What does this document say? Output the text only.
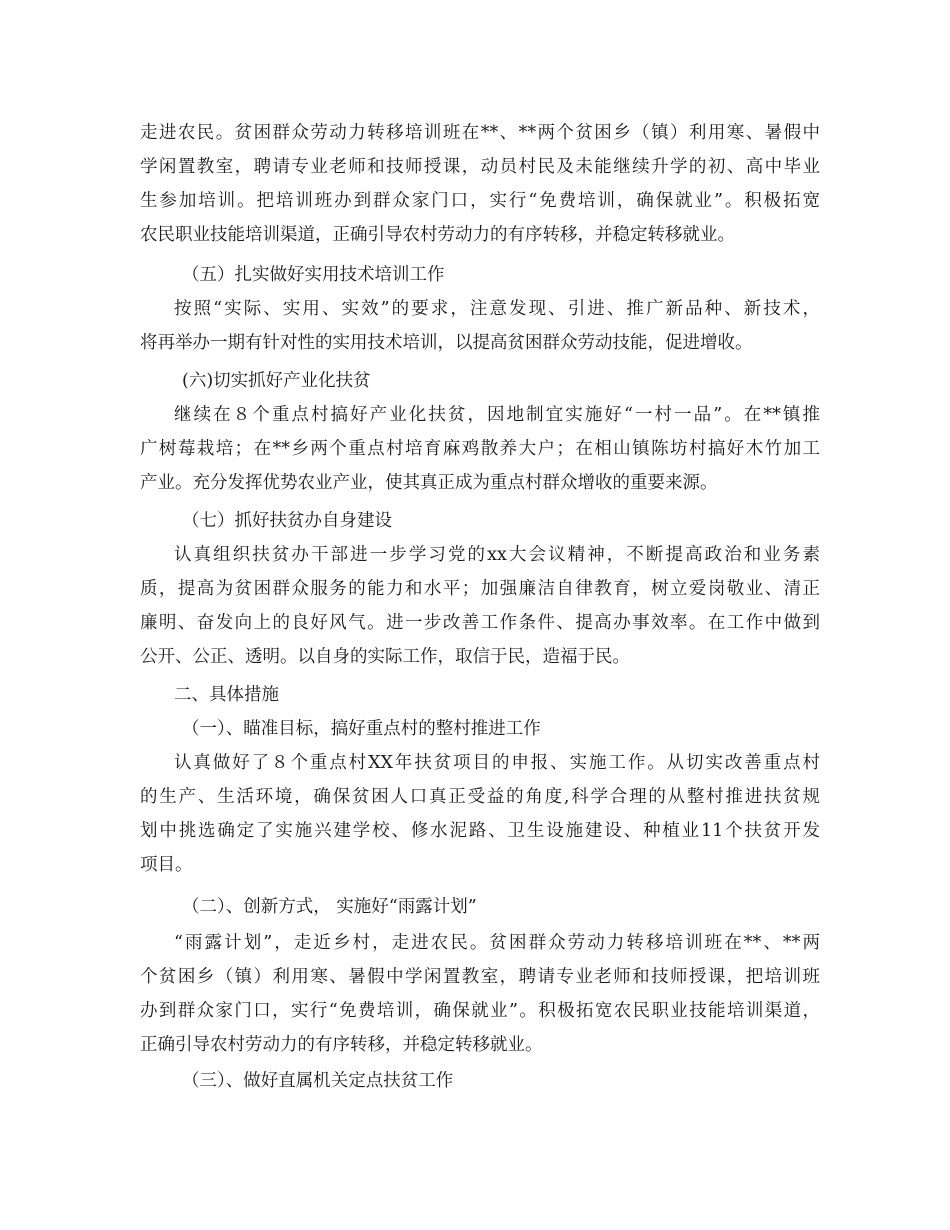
走进农民。贫困群众劳动力转移培训班在**、**两个贫困乡（镇）利用寒、暑假中
学闲置教室，聘请专业老师和技师授课，动员村民及未能继续升学的初、高中毕业
生参加培训。把培训班办到群众家门口，实行“免费培训，确保就业”。积极拓宽
农民职业技能培训渠道，正确引导农村劳动力的有序转移，并稳定转移就业。
（五）扎实做好实用技术培训工作
按照“实际、实用、实效”的要求，注意发现、引进、推广新品种、新技术，
将再举办一期有针对性的实用技术培训，以提高贫困群众劳动技能，促进增收。
(六)切实抓好产业化扶贫
继续在８个重点村搞好产业化扶贫，因地制宜实施好“一村一品”。在**镇推
广树莓栽培；在**乡两个重点村培育麻鸡散养大户；在相山镇陈坊村搞好木竹加工
产业。充分发挥优势农业产业，使其真正成为重点村群众增收的重要来源。
（七）抓好扶贫办自身建设
认真组织扶贫办干部进一步学习党的xx大会议精神，不断提高政治和业务素
质，提高为贫困群众服务的能力和水平；加强廉洁自律教育，树立爱岗敬业、清正
廉明、奋发向上的良好风气。进一步改善工作条件、提高办事效率。在工作中做到
公开、公正、透明。以自身的实际工作，取信于民，造福于民。
二、具体措施
（一）、瞄准目标，搞好重点村的整村推进工作
认真做好了８个重点村XX年扶贫项目的申报、实施工作。从切实改善重点村
的生产、生活环境，确保贫困人口真正受益的角度,科学合理的从整村推进扶贫规
划中挑选确定了实施兴建学校、修水泥路、卫生设施建设、种植业11个扶贫开发
项目。
（二）、创新方式， 实施好“雨露计划”
“雨露计划”，走近乡村，走进农民。贫困群众劳动力转移培训班在**、**两
个贫困乡（镇）利用寒、暑假中学闲置教室，聘请专业老师和技师授课，把培训班
办到群众家门口，实行“免费培训，确保就业”。积极拓宽农民职业技能培训渠道，
正确引导农村劳动力的有序转移，并稳定转移就业。
（三）、做好直属机关定点扶贫工作
